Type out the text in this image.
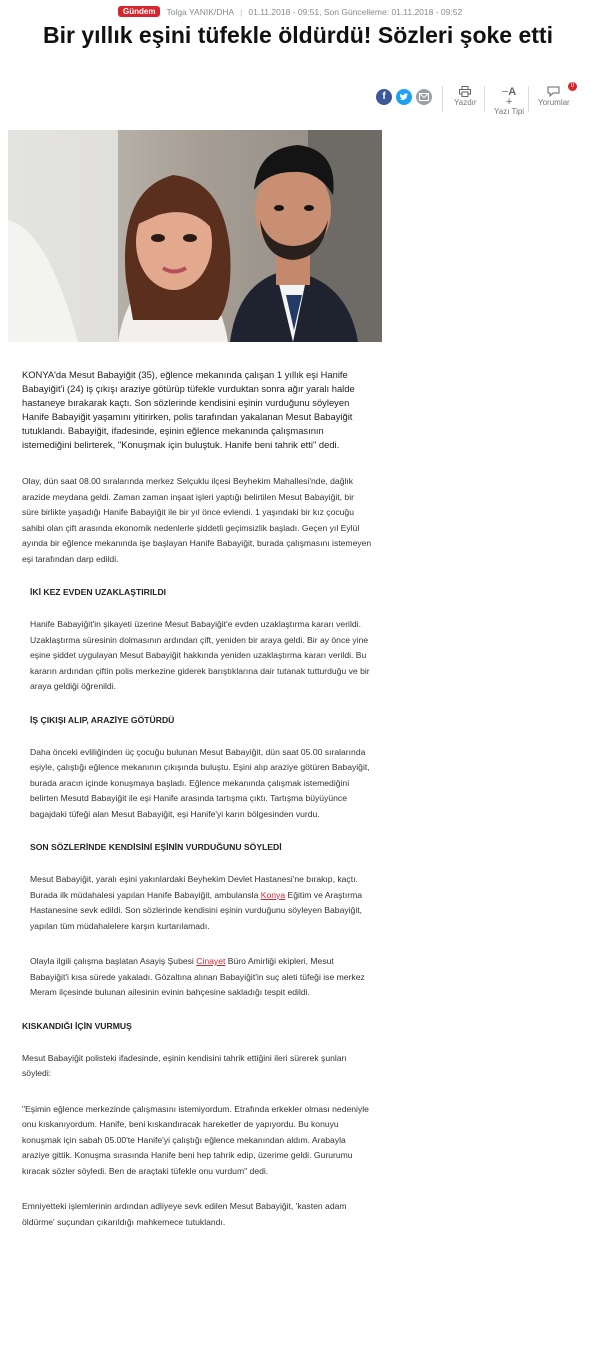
Gündem	Tolga YANIK/DHA | 01.11.2018 - 09:51 , Son Güncelleme:
01.11.2018 - 09:52
Bir yıllık eşini tüfekle öldürdü! Sözleri şoke etti
f
Yazdır
−A
+
Yazı Tipi
0
Yorumlar

KONYA'da Mesut Babayiğit (35), eğlence mekanında çalışan 1 yıllık eşi Hanife Babayiğit'i (24) iş çıkışı araziye götürüp tüfekle vurduktan sonra ağır yaralı halde hastaneye bırakarak kaçtı. Son sözlerinde kendisini eşinin vurduğunu söyleyen Hanife Babayiğit yaşamını yitirirken, polis tarafından yakalanan Mesut Babayiğit tutuklandı. Babayiğit, ifadesinde, eşinin eğlence mekanında çalışmasının istemediğini belirterek, "Konuşmak için buluştuk. Hanife beni tahrik etti" dedi.

Olay, dün saat 08.00 sıralarında merkez Selçuklu ilçesi Beyhekim Mahallesi'nde, dağlık arazide meydana geldi. Zaman zaman inşaat işleri yaptığı belirtilen Mesut Babayiğit, bir süre birlikte yaşadığı Hanife Babayiğit ile bir yıl önce evlendi. 1 yaşındaki bir kız çocuğu sahibi olan çift arasında ekonomik nedenlerle şiddetli geçimsizlik başladı. Geçen yıl Eylül ayında bir eğlence mekanında işe başlayan Hanife Babayiğit, burada çalışmasını istemeyen eşi tarafından darp edildi.

İKİ KEZ EVDEN UZAKLAŞTIRILDI

Hanife Babayiğit'in şikayeti üzerine Mesut Babayiğit'e evden uzaklaştırma kararı verildi. Uzaklaştırma süresinin dolmasının ardından çift, yeniden bir araya geldi. Bir ay önce yine eşine şiddet uygulayan Mesut Babayiğit hakkında yeniden uzaklaştırma kararı verildi. Bu kararın ardından çiftin polis merkezine giderek barıştıklarına dair tutanak tutturduğu ve bir araya geldiği öğrenildi.

İŞ ÇIKIŞI ALIP, ARAZİYE GÖTÜRDÜ

Daha önceki evliliğinden üç çocuğu bulunan Mesut Babayiğit, dün saat 05.00 sıralarında eşiyle, çalıştığı eğlence mekanının çıkışında buluştu. Eşini alıp araziye götüren Babayiğit, burada aracın içinde konuşmaya başladı. Eğlence mekanında çalışmak istemediğini belirten Mesutd Babayiğit ile eşi Hanife arasında tartışma çıktı. Tartışma büyüyünce bagajdaki tüfeği alan Mesut Babayiğit, eşi Hanife'yi karın bölgesinden vurdu.

SON SÖZLERİNDE KENDİSİNİ EŞİNİN VURDUĞUNU SÖYLEDİ

Mesut Babayiğit, yaralı eşini yakınlardaki Beyhekim Devlet Hastanesi'ne bırakıp, kaçtı. Burada ilk müdahalesi yapılan Hanife Babayiğit, ambulansla Konya Eğitim ve Araştırma Hastanesine sevk edildi. Son sözlerinde kendisini eşinin vurduğunu söyleyen Babayiğit, yapılan tüm müdahalelere karşın kurtarılamadı.

Olayla ilgili çalışma başlatan Asayiş Şubesi Cinayet Büro Amirliği ekipleri, Mesut Babayiğit'i kısa sürede yakaladı. Gözaltına alınan Babayiğit'in suç aleti tüfeği ise merkez Meram ilçesinde bulunan ailesinin evinin bahçesine sakladığı tespit edildi.

KISKANDIĞI İÇİN VURMUŞ

Mesut Babayiğit polisteki ifadesinde, eşinin kendisini tahrik ettiğini ileri sürerek şunları söyledi:

"Eşimin eğlence merkezinde çalışmasını istemiyordum. Etrafında erkekler olması nedeniyle onu kıskanıyordum. Hanife, beni kıskandıracak hareketler de yapıyordu. Bu konuyu konuşmak için sabah 05.00'te Hanife'yi çalıştığı eğlence mekanından aldım. Arabayla araziye gittik. Konuşma sırasında Hanife beni hep tahrik edip, üzerime geldi. Gururumu kıracak sözler söyledi. Ben de araçtaki tüfekle onu vurdum" dedi.

Emniyetteki işlemlerinin ardından adliyeye sevk edilen Mesut Babayiğit, 'kasten adam öldürme' suçundan çıkarıldığı mahkemece tutuklandı.
